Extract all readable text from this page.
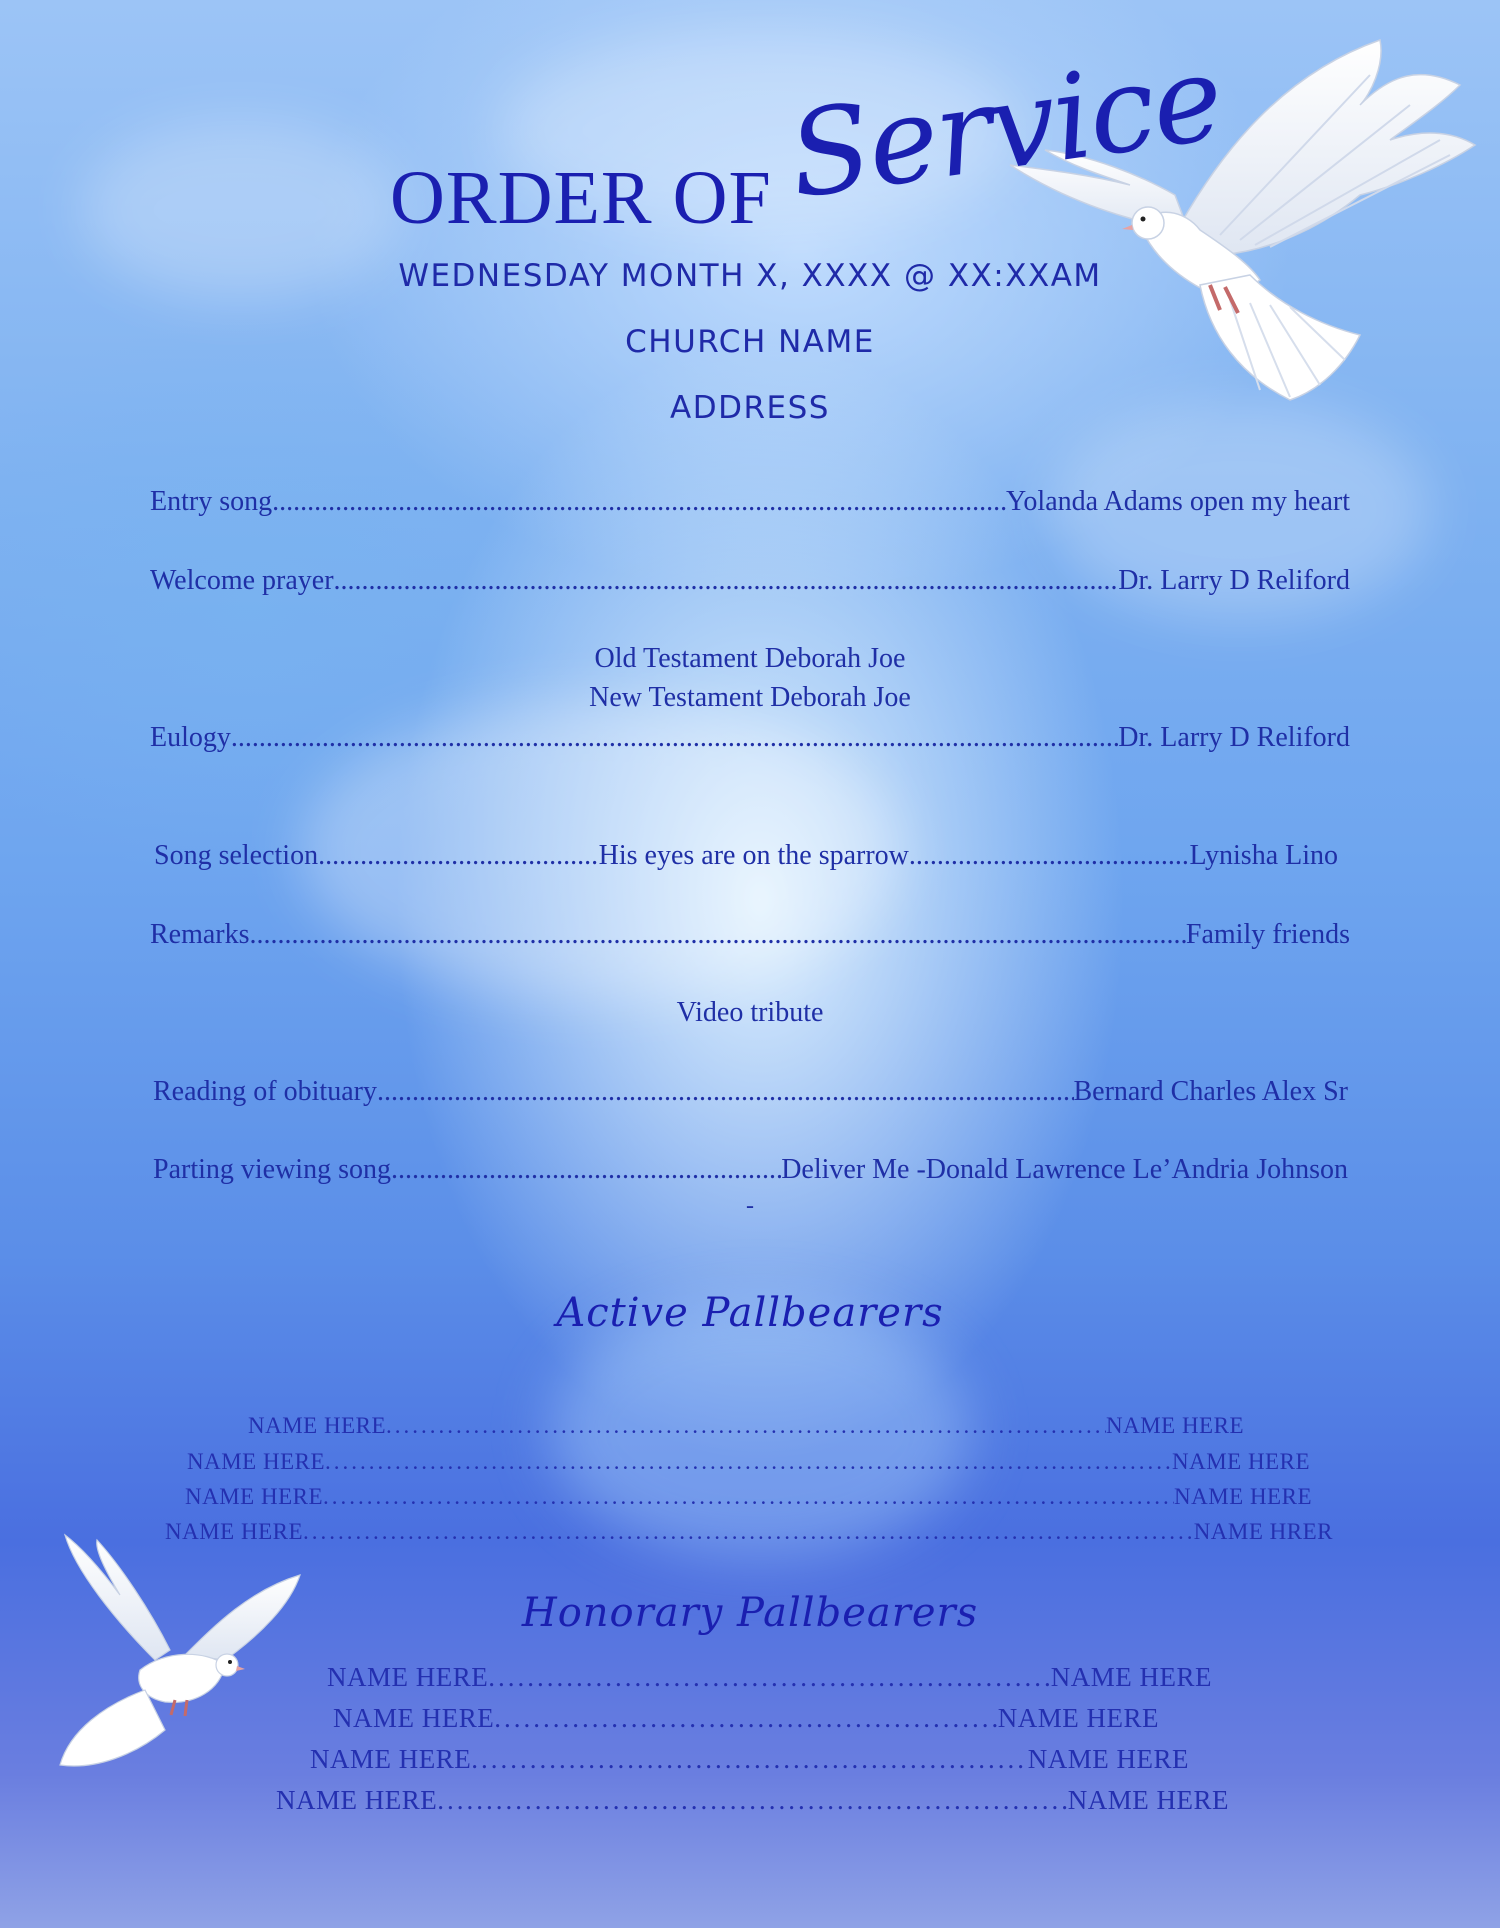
ORDER OF Service
WEDNESDAY MONTH X, XXXX @ XX:XXAM
CHURCH NAME
ADDRESS
Entry song .....	Yolanda Adams open my heart
Welcome prayer .....	Dr. Larry D Reliford
Old Testament Deborah Joe
New Testament Deborah Joe
Eulogy .....	Dr. Larry D Reliford
Song selection .....	His eyes are on the sparrow .....	Lynisha Lino
Remarks .....	Family friends
Video tribute
Reading of obituary .....	Bernard Charles Alex Sr
Parting viewing song .....	Deliver Me -Donald Lawrence Le’Andria Johnson
-
Active Pallbearers
NAME HERE .....	NAME HERE
NAME HERE .....	NAME HERE
NAME HERE .....	NAME HERE
NAME HERE .....	NAME HRER
Honorary Pallbearers
NAME HERE .....	NAME HERE
NAME HERE .....	NAME HERE
NAME HERE .....	NAME HERE
NAME HERE .....	NAME HERE
